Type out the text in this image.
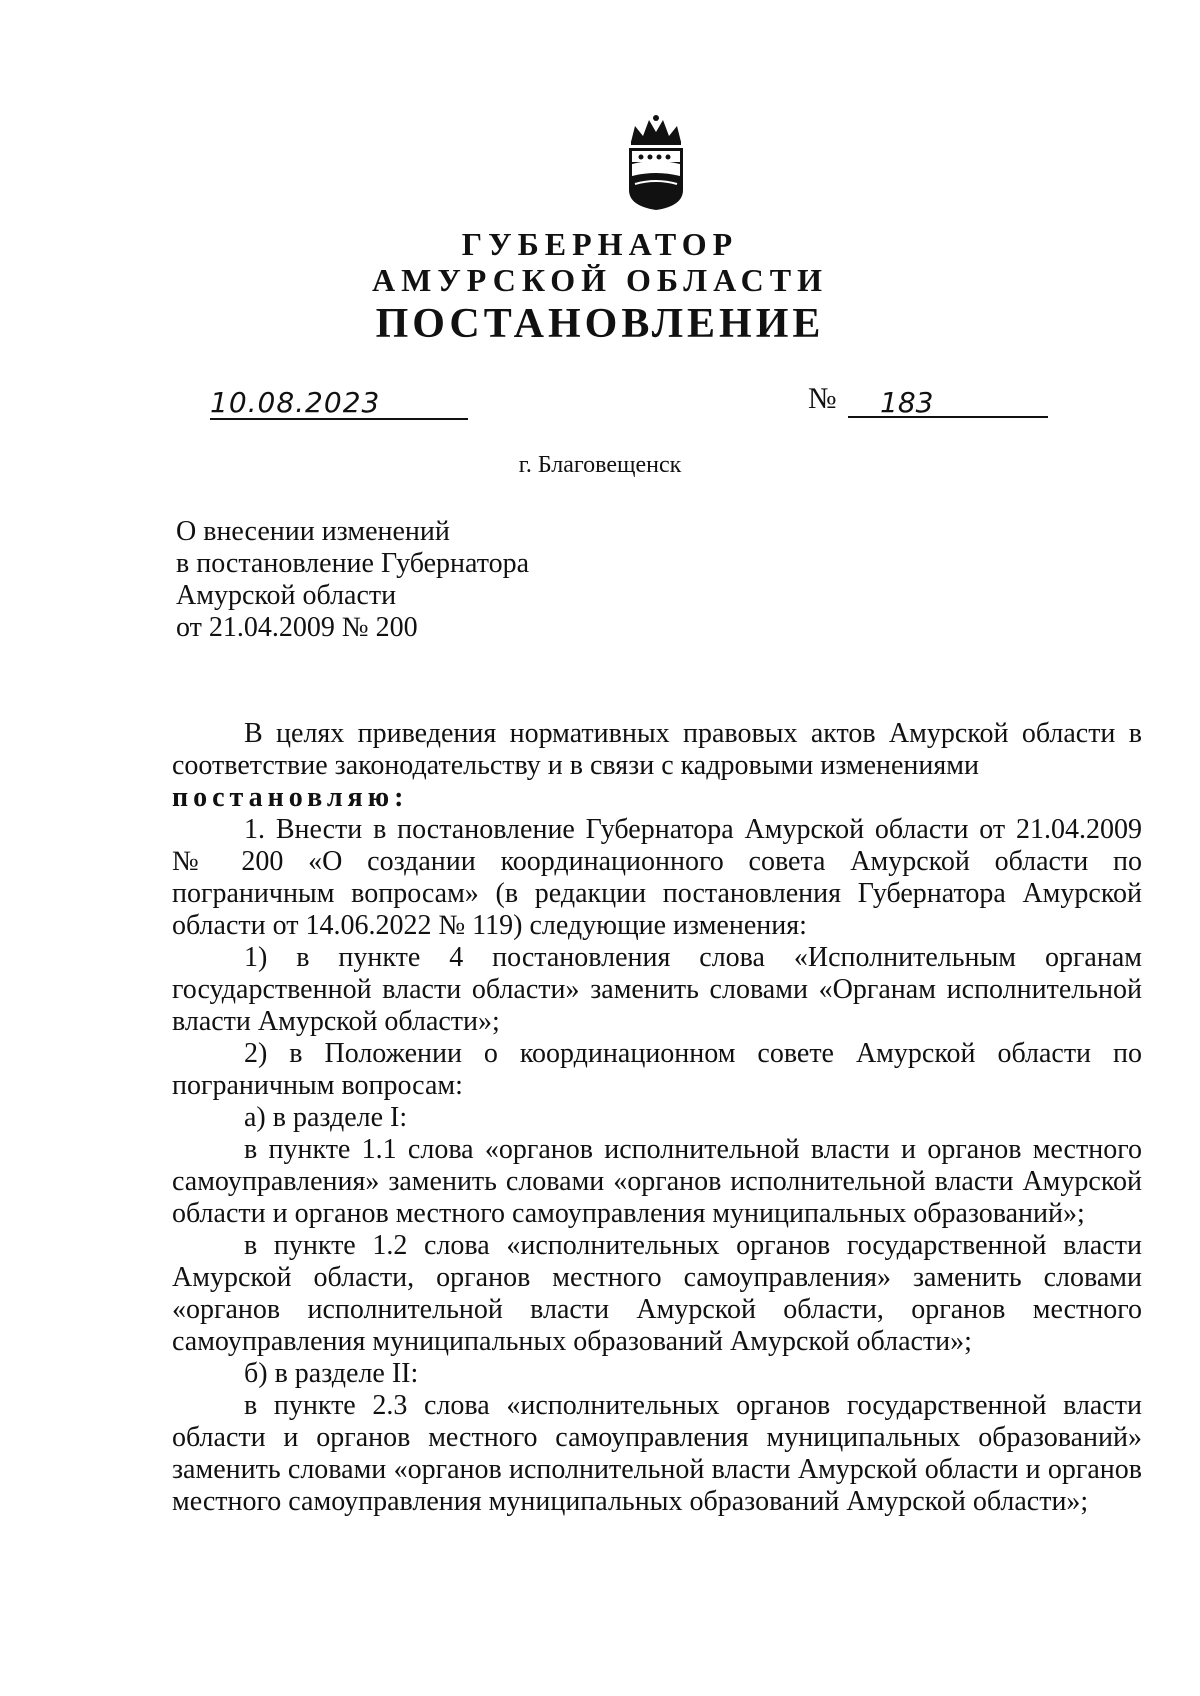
ГУБЕРНАТОР
АМУРСКОЙ ОБЛАСТИ
ПОСТАНОВЛЕНИЕ
10.08.2023	№	183
г. Благовещенск
О внесении изменений
в постановление Губернатора
Амурской области
от 21.04.2009 № 200

В целях приведения нормативных правовых актов Амурской области в соответствие законодательству и в связи с кадровыми изменениями

постановляю:

1. Внести в постановление Губернатора Амурской области от 21.04.2009 № 200 «О создании координационного совета Амурской области по пограничным вопросам» (в редакции постановления Губернатора Амурской области от 14.06.2022 № 119) следующие изменения:

1) в пункте 4 постановления слова «Исполнительным органам государственной власти области» заменить словами «Органам исполнительной власти Амурской области»;

2) в Положении о координационном совете Амурской области по пограничным вопросам:

а) в разделе I:

в пункте 1.1 слова «органов исполнительной власти и органов местного самоуправления» заменить словами «органов исполнительной власти Амурской области и органов местного самоуправления муниципальных образований»;

в пункте 1.2 слова «исполнительных органов государственной власти Амурской области, органов местного самоуправления» заменить словами «органов исполнительной власти Амурской области, органов местного самоуправления муниципальных образований Амурской области»;

б) в разделе II:

в пункте 2.3 слова «исполнительных органов государственной власти области и органов местного самоуправления муниципальных образований» заменить словами «органов исполнительной власти Амурской области и органов местного самоуправления муниципальных образований Амурской области»;
